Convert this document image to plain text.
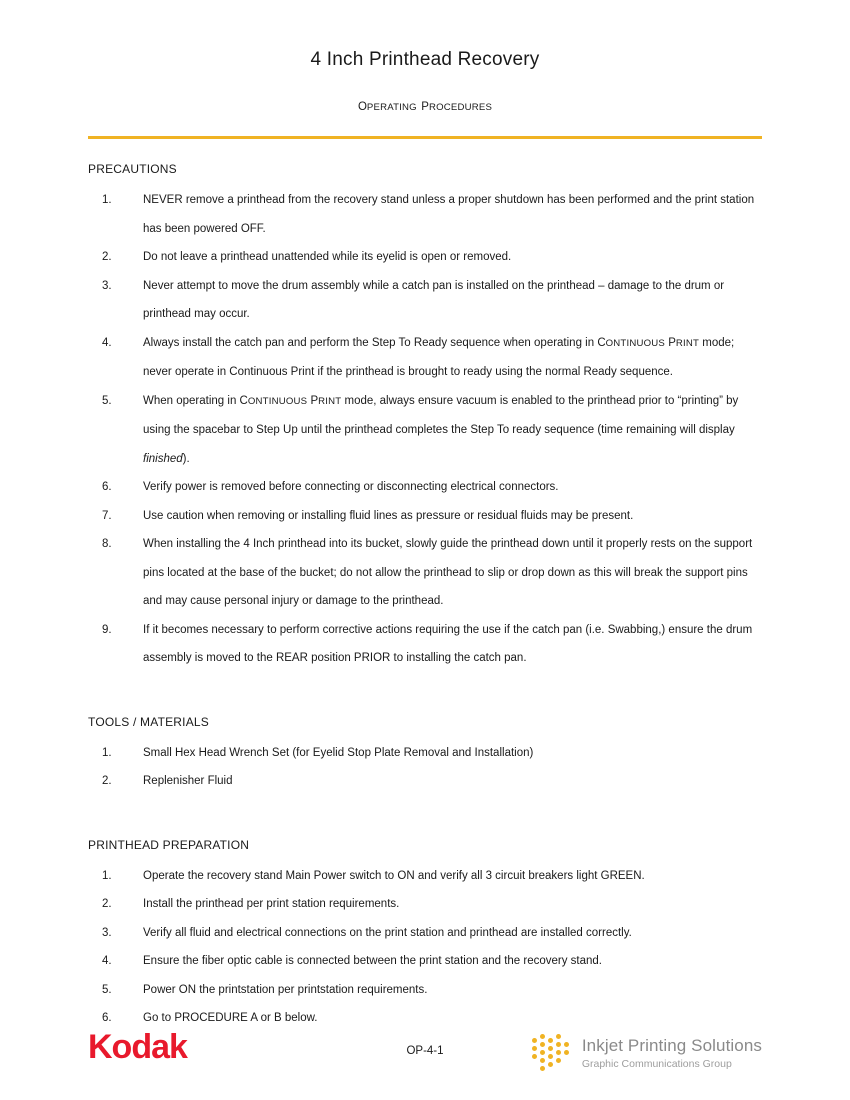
4 Inch Printhead Recovery
OPERATING PROCEDURES
PRECAUTIONS
1.	NEVER remove a printhead from the recovery stand unless a proper shutdown has been performed and the print station has been powered OFF.
2.	Do not leave a printhead unattended while its eyelid is open or removed.
3.	Never attempt to move the drum assembly while a catch pan is installed on the printhead – damage to the drum or printhead may occur.
4.	Always install the catch pan and perform the Step To Ready sequence when operating in CONTINUOUS PRINT mode; never operate in Continuous Print if the printhead is brought to ready using the normal Ready sequence.
5.	When operating in CONTINUOUS PRINT mode, always ensure vacuum is enabled to the printhead prior to “printing” by using the spacebar to Step Up until the printhead completes the Step To ready sequence (time remaining will display finished).
6.	Verify power is removed before connecting or disconnecting electrical connectors.
7.	Use caution when removing or installing fluid lines as pressure or residual fluids may be present.
8.	When installing the 4 Inch printhead into its bucket, slowly guide the printhead down until it properly rests on the support pins located at the base of the bucket; do not allow the printhead to slip or drop down as this will break the support pins and may cause personal injury or damage to the printhead.
9.	If it becomes necessary to perform corrective actions requiring the use if the catch pan (i.e. Swabbing,) ensure the drum assembly is moved to the REAR position PRIOR to installing the catch pan.
TOOLS / MATERIALS
1.	Small Hex Head Wrench Set (for Eyelid Stop Plate Removal and Installation)
2.	Replenisher Fluid
PRINTHEAD PREPARATION
1.	Operate the recovery stand Main Power switch to ON and verify all 3 circuit breakers light GREEN.
2.	Install the printhead per print station requirements.
3.	Verify all fluid and electrical connections on the print station and printhead are installed correctly.
4.	Ensure the fiber optic cable is connected between the print station and the recovery stand.
5.	Power ON the printstation per printstation requirements.
6.	Go to PROCEDURE A or B below.
Kodak	OP-4-1	Inkjet Printing Solutions
Graphic Communications Group
